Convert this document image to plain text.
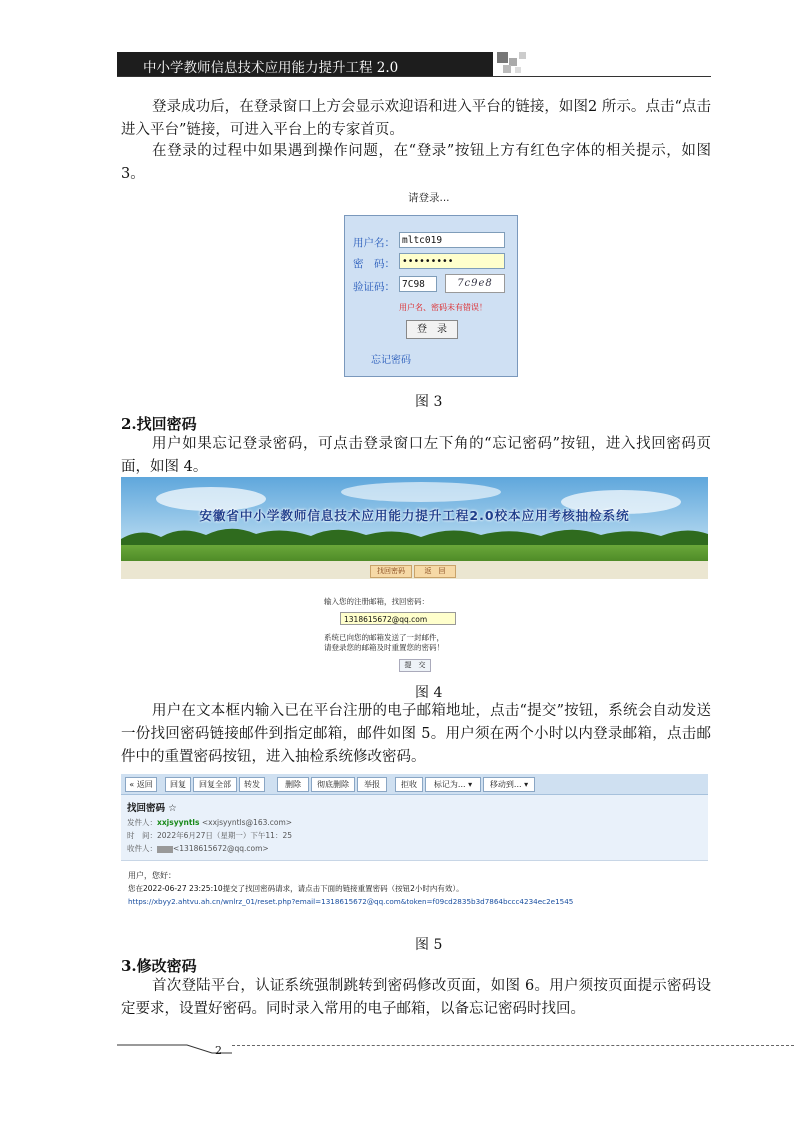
中小学教师信息技术应用能力提升工程 2.0
登录成功后，在登录窗口上方会显示欢迎语和进入平台的链接，如图2 所示。点击“点击进入平台”链接，可进入平台上的专家首页。
在登录的过程中如果遇到操作问题，在“登录”按钮上方有红色字体的相关提示，如图 3。
请登录...
用户名： mltc019
密　码： •••••••••
验证码： 7C98	7c9e8
用户名、密码未有错误！
登　录
忘记密码
图 3
2.找回密码
用户如果忘记登录密码，可点击登录窗口左下角的“忘记密码”按钮，进入找回密码页面，如图 4。
安徽省中小学教师信息技术应用能力提升工程2.0校本应用考核抽检系统
找回密码	返　回
输入您的注册邮箱，找回密码：
1318615672@qq.com
系统已向您的邮箱发送了一封邮件，
请登录您的邮箱及时重置您的密码！
提　交
图 4
用户在文本框内输入已在平台注册的电子邮箱地址，点击“提交”按钮，系统会自动发送一份找回密码链接邮件到指定邮箱，邮件如图 5。用户须在两个小时以内登录邮箱，点击邮件中的重置密码按钮，进入抽检系统修改密码。
« 返回	回复	回复全部	转发	删除	彻底删除	举报	拒收	标记为... ▾	移动到... ▾
找回密码 ☆
发件人：xxjsyyntls <xxjsyyntls@163.com>
时　间：2022年6月27日（星期一）下午11：25
收件人： <1318615672@qq.com>
用户，您好：
您在2022-06-27 23:25:10提交了找回密码请求，请点击下面的链接重置密码（按钮2小时内有效）。
https://xbyy2.ahtvu.ah.cn/wnlrz_01/reset.php?email=1318615672@qq.com&token=f09cd2835b3d7864bccc4234ec2e1545
图 5
3.修改密码
首次登陆平台，认证系统强制跳转到密码修改页面，如图 6。用户须按页面提示密码设定要求，设置好密码。同时录入常用的电子邮箱，以备忘记密码时找回。
2
